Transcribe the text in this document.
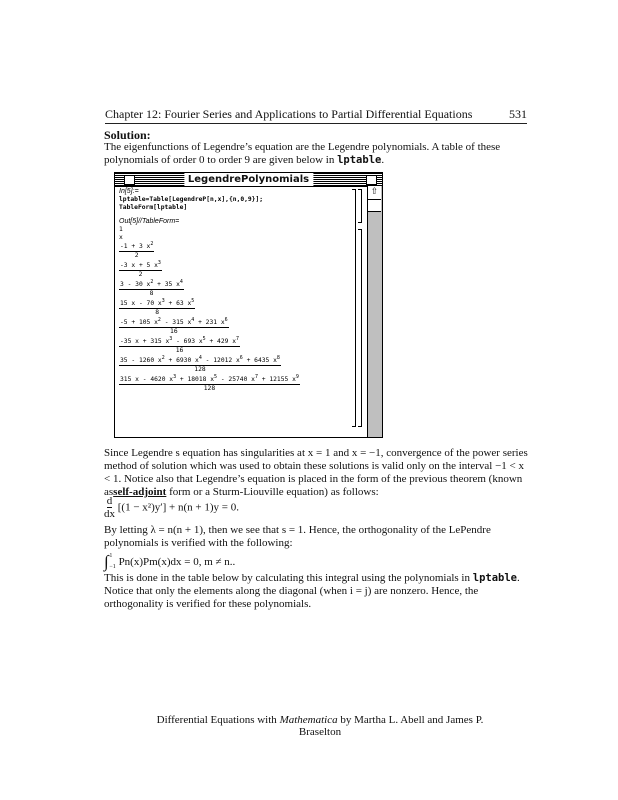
Chapter 12: Fourier Series and Applications to Partial Differential Equations	531
Solution:
The eigenfunctions of Legendre’s equation are the Legendre polynomials. A table of these polynomials of order 0 to order 9 are given below in lptable.
LegendrePolynomials
⇧
In[5]:=
lptable=Table[LegendreP[n,x],{n,0,9}];
TableForm[lptable]
Out[5]//TableForm=
1
x
$\frac{-1 + 3 x^2}{2}$
$\frac{-3 x + 5 x^3}{2}$
$\frac{3 - 30 x^2 + 35 x^4}{8}$
$\frac{15 x - 70 x^3 + 63 x^5}{8}$
$\frac{-5 + 105 x^2 - 315 x^4 + 231 x^6}{16}$
$\frac{-35 x + 315 x^3 - 693 x^5 + 429 x^7}{16}$
$\frac{35 - 1260 x^2 + 6930 x^4 - 12012 x^6 + 6435 x^8}{128}$
$\frac{315 x - 4620 x^3 + 18018 x^5 - 25740 x^7 + 12155 x^9}{128}$
Since Legendre s equation has singularities at x = 1 and x = −1, convergence of the power series method of solution which was used to obtain these solutions is valid only on the interval −1 < x < 1. Notice also that Legendre’s equation is placed in the form of the previous theorem (known asself-adjoint form or a Sturm-Liouville equation) as follows:
$\frac{d}{dx} [(1 - x^2)y'] + n(n + 1)y = 0$.
By letting λ = n(n + 1), then we see that s = 1. Hence, the orthogonality of the LePendre polynomials is verified with the following:
∫ 1
−1 Pn(x)Pm(x)dx = 0, m ≠ n..
This is done in the table below by calculating this integral using the polynomials in lptable. Notice that only the elements along the diagonal (when i = j) are nonzero. Hence, the orthogonality is verified for these polynomials.
Differential Equations with Mathematica by Martha L. Abell and James P. Braselton
